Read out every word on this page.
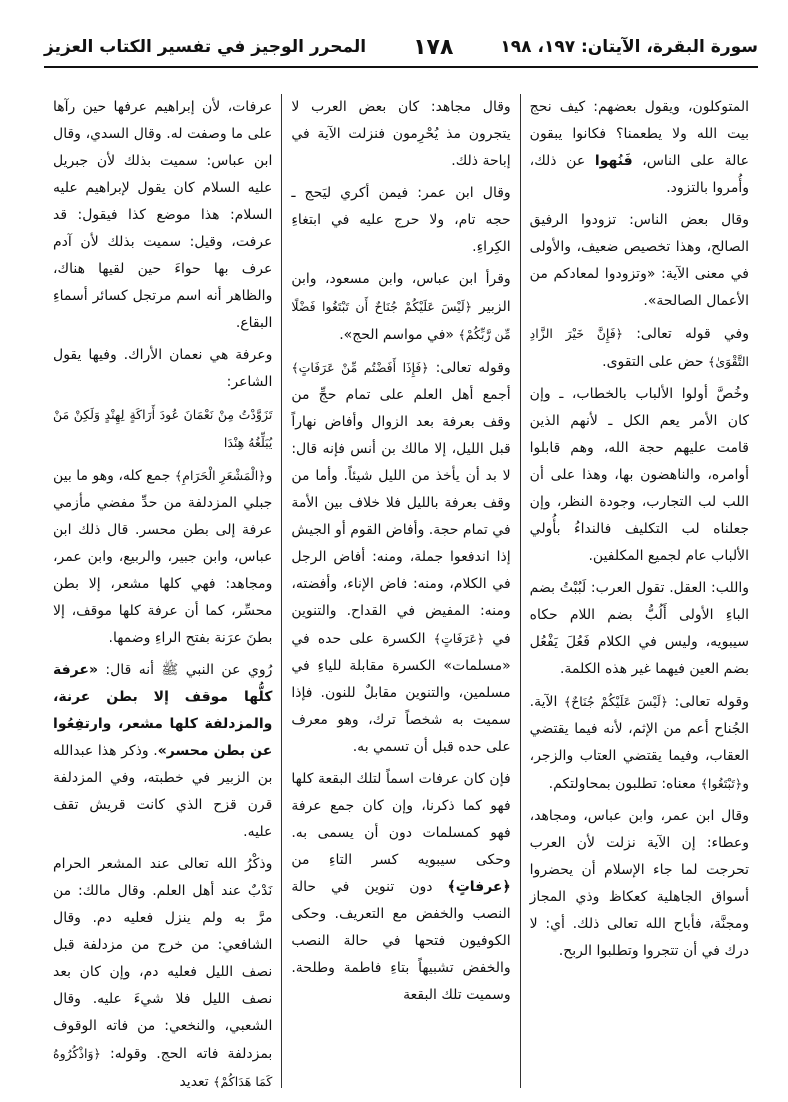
سورة البقرة، الآيتان: ١٩٧، ١٩٨
١٧٨
المحرر الوجيز في تفسير الكتاب العزيز

المتوكلون، ويقول بعضهم: كيف نحج بيت الله ولا يطعمنا؟ فكانوا يبقون عالة على الناس، فَنُهوا عن ذلك، وأُمروا بالتزود.

وقال بعض الناس: تزودوا الرفيق الصالح، وهذا تخصيص ضعيف، والأولى في معنى الآية: «وتزودوا لمعادكم من الأعمال الصالحة».

وفي قوله تعالى: ﴿فَإِنَّ خَيْرَ الزَّادِ التَّقْوَىٰ﴾ حض على التقوى.

وخُصَّ أولوا الألباب بالخطاب، ـ وإن كان الأمر يعم الكل ـ لأنهم الذين قامت عليهم حجة الله، وهم قابلوا أوامره، والناهضون بها، وهذا على أن اللب لب التجارب، وجودة النظر، وإن جعلناه لب التكليف فالنداءُ بأُولي الألباب عام لجميع المكلفين.

واللب: العقل. تقول العرب: لَبُبْتُ بضم الباءِ الأولى أَلُبُّ بضم اللام حكاه سيبويه، وليس في الكلام فَعُلَ يَفْعُل بضم العين فيهما غير هذه الكلمة.

وقوله تعالى: ﴿لَيْسَ عَلَيْكُمْ جُنَاحٌ﴾ الآية. الجُناح أعم من الإثم، لأنه فيما يقتضي العقاب، وفيما يقتضي العتاب والزجر، و﴿تَبْتَغُوا﴾ معناه: تطلبون بمحاولتكم.

وقال ابن عمر، وابن عباس، ومجاهد، وعطاء: إن الآية نزلت لأن العرب تحرجت لما جاء الإسلام أن يحضروا أسواق الجاهلية كعكاظ وذي المجاز ومجنَّة، فأباح الله تعالى ذلك. أي: لا درك في أن تتجروا وتطلبوا الربح.

وقال مجاهد: كان بعض العرب لا يتجرون مذ يُحْرِمون فنزلت الآية في إباحة ذلك.

وقال ابن عمر: فيمن أكري ليَحج ـ حجه تام، ولا حرج عليه في ابتغاءِ الكِراءِ.

وقرأ ابن عباس، وابن مسعود، وابن الزبير ﴿لَيْسَ عَلَيْكُمْ جُنَاحٌ أَن تَبْتَغُوا فَضْلًا مِّن رَّبِّكُمْ﴾ «في مواسم الحج».

وقوله تعالى: ﴿فَإِذَا أَفَضْتُم مِّنْ عَرَفَاتٍ﴾ أجمع أهل العلم على تمام حجِّ من وقف بعرفة بعد الزوال وأفاض نهاراً قبل الليل، إلا مالك بن أنس فإنه قال: لا بد أن يأخذ من الليل شيئاً. وأما من وقف بعرفة بالليل فلا خلاف بين الأمة في تمام حجة. وأفاض القوم أو الجيش إذا اندفعوا جملة، ومنه: أفاض الرجل في الكلام، ومنه: فاض الإناء، وأفضته، ومنه: المفيض في القداح. والتنوين في ﴿عَرَفَاتٍ﴾ الكسرة على حده في «مسلمات» الكسرة مقابلة للياءِ في مسلمين، والتنوين مقابلٌ للنون. فإذا سميت به شخصاً ترك، وهو معرف على حده قبل أن تسمي به.

فإن كان عرفات اسماً لتلك البقعة كلها فهو كما ذكرنا، وإن كان جمع عرفة فهو كمسلمات دون أن يسمى به. وحكى سيبويه كسر التاءِ من ﴿عرفاتٍ﴾ دون تنوين في حالة النصب والخفض مع التعريف. وحكى الكوفيون فتحها في حالة النصب والخفض تشبيهاً بتاءِ فاطمة وطلحة. وسميت تلك البقعة

عرفات، لأن إبراهيم عرفها حين رآها على ما وصفت له. وقال السدي، وقال ابن عباس: سميت بذلك لأن جبريل عليه السلام كان يقول لإبراهيم عليه السلام: هذا موضع كذا فيقول: قد عرفت، وقيل: سميت بذلك لأن آدم عرف بها حواءَ حين لقيها هناك، والظاهر أنه اسم مرتجل كسائر أسماءِ البقاع.

وعرفة هي نعمان الأراك. وفيها يقول الشاعر:

تَزَوَّدْتُ مِنْ نَعْمَانَ عُودَ أَرَاكَةٍ لِهِنْدٍ وَلَكِنْ مَنْ يُبَلِّغُهُ هِنْدَا

و﴿الْمَشْعَرِ الْحَرَامِ﴾ جمع كله، وهو ما بين جبلي المزدلفة من حدِّ مفضي مأزمي عرفة إلى بطن محسر. قال ذلك ابن عباس، وابن جبير، والربيع، وابن عمر، ومجاهد: فهي كلها مشعر، إلا بطن محسِّر، كما أن عرفة كلها موقف، إلا بطنَ عرَنة بفتح الراءِ وضمها.

رُوي عن النبي ﷺ أنه قال: «عرفة كلُّها موقف إلا بطن عرنة، والمزدلفة كلها مشعر، وارتفِعُوا عن بطن محسر». وذكر هذا عبدالله بن الزبير في خطبته، وفي المزدلفة قرن قزح الذي كانت قريش تقف عليه.

وذكْرُ الله تعالى عند المشعر الحرام نَدْبٌ عند أهل العلم. وقال مالك: من مرَّ به ولم ينزل فعليه دم. وقال الشافعي: من خرج من مزدلفة قبل نصف الليل فعليه دم، وإن كان بعد نصف الليل فلا شيءَ عليه. وقال الشعبي، والنخعي: من فاته الوقوف بمزدلفة فاته الحج. وقوله: ﴿وَاذْكُرُوهُ كَمَا هَدَاكُمْ﴾ تعديد
